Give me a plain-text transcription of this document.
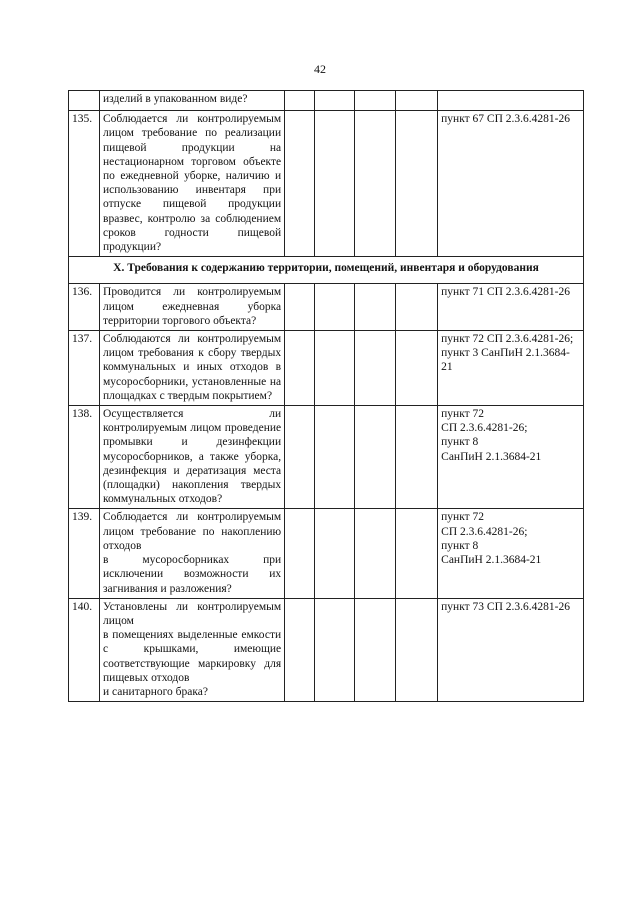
42
	изделий в упакованном виде?					
135.	Соблюдается ли контролируемым лицом требование по реализации пищевой продукции на нестационарном торговом объекте по ежедневной уборке, наличию и использованию инвентаря при отпуске пищевой продукции вразвес, контролю за соблюдением сроков годности пищевой продукции?					пункт 67 СП 2.3.6.4281-26
X. Требования к содержанию территории, помещений, инвентаря и оборудования						
136.	Проводится ли контролируемым лицом ежедневная уборка территории торгового объекта?					пункт 71 СП 2.3.6.4281-26
137.	Соблюдаются ли контролируемым лицом требования к сбору твердых коммунальных и иных отходов в мусоросборники, установленные на площадках с твердым покрытием?					пункт 72 СП 2.3.6.4281-26; пункт 3 СанПиН 2.1.3684-21
138.	Осуществляется ли контролируемым лицом проведение промывки и дезинфекции мусоросборников, а также уборка, дезинфекция и дератизация места (площадки) накопления твердых коммунальных отходов?					пункт 72
СП 2.3.6.4281-26;
пункт 8
СанПиН 2.1.3684-21
139.	Соблюдается ли контролируемым лицом требование по накоплению отходов
в мусоросборниках при исключении возможности их загнивания и разложения?					пункт 72
СП 2.3.6.4281-26;
пункт 8
СанПиН 2.1.3684-21
140.	Установлены ли контролируемым лицом
в помещениях выделенные емкости с крышками, имеющие соответствующие маркировку для пищевых отходов
и санитарного брака?					пункт 73 СП 2.3.6.4281-26
